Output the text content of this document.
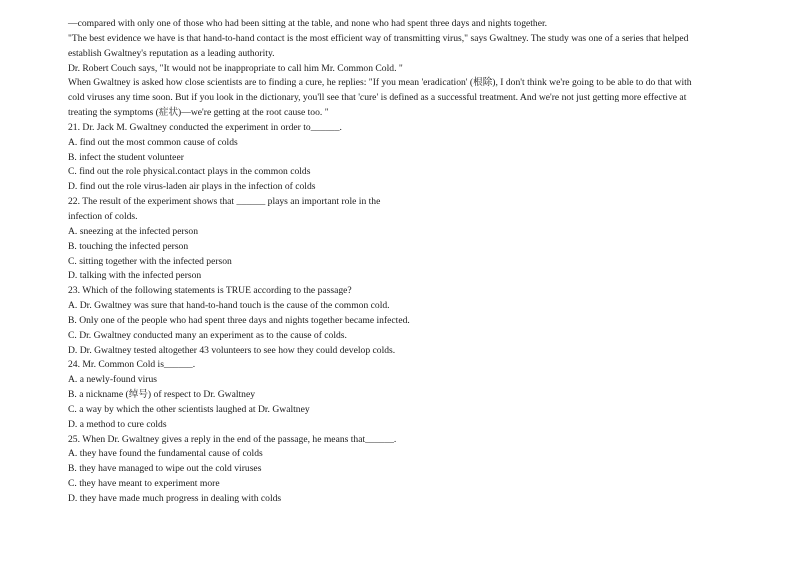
—compared with only one of those who had been sitting at the table, and none who had spent three days and nights together.
"The best evidence we have is that hand-to-hand contact is the most efficient way of transmitting virus," says Gwaltney. The study was one of a series that helped
establish Gwaltney's reputation as a leading authority.
Dr. Robert Couch says, "It would not be inappropriate to call him Mr. Common Cold. "
When Gwaltney is asked how close scientists are to finding a cure, he replies: "If you mean 'eradication' (根除), I don't think we're going to be able to do that with
cold viruses any time soon. But if you look in the dictionary, you'll see that 'cure' is defined as a successful treatment. And we're not just getting more effective at
treating the symptoms (症状)—we're getting at the root cause too. "
21. Dr. Jack M. Gwaltney conducted the experiment in order to______.
A. find out the most common cause of colds
B. infect the student volunteer
C. find out the role physical.contact plays in the common colds
D. find out the role virus-laden air plays in the infection of colds
22. The result of the experiment shows that ______ plays an important role in the
infection of colds.
A. sneezing at the infected person
B. touching the infected person
C. sitting together with the infected person
D. talking with the infected person
23. Which of the following statements is TRUE according to the passage?
A. Dr. Gwaltney was sure that hand-to-hand touch is the cause of the common cold.
B. Only one of the people who had spent three days and nights together became infected.
C. Dr. Gwaltney conducted many an experiment as to the cause of colds.
D. Dr. Gwaltney tested altogether 43 volunteers to see how they could develop colds.
24. Mr. Common Cold is______.
A. a newly-found virus
B. a nickname (绰号) of respect to Dr. Gwaltney
C. a way by which the other scientists laughed at Dr. Gwaltney
D. a method to cure colds
25. When Dr. Gwaltney gives a reply in the end of the passage, he means that______.
A. they have found the fundamental cause of colds
B. they have managed to wipe out the cold viruses
C. they have meant to experiment more
D. they have made much progress in dealing with colds
